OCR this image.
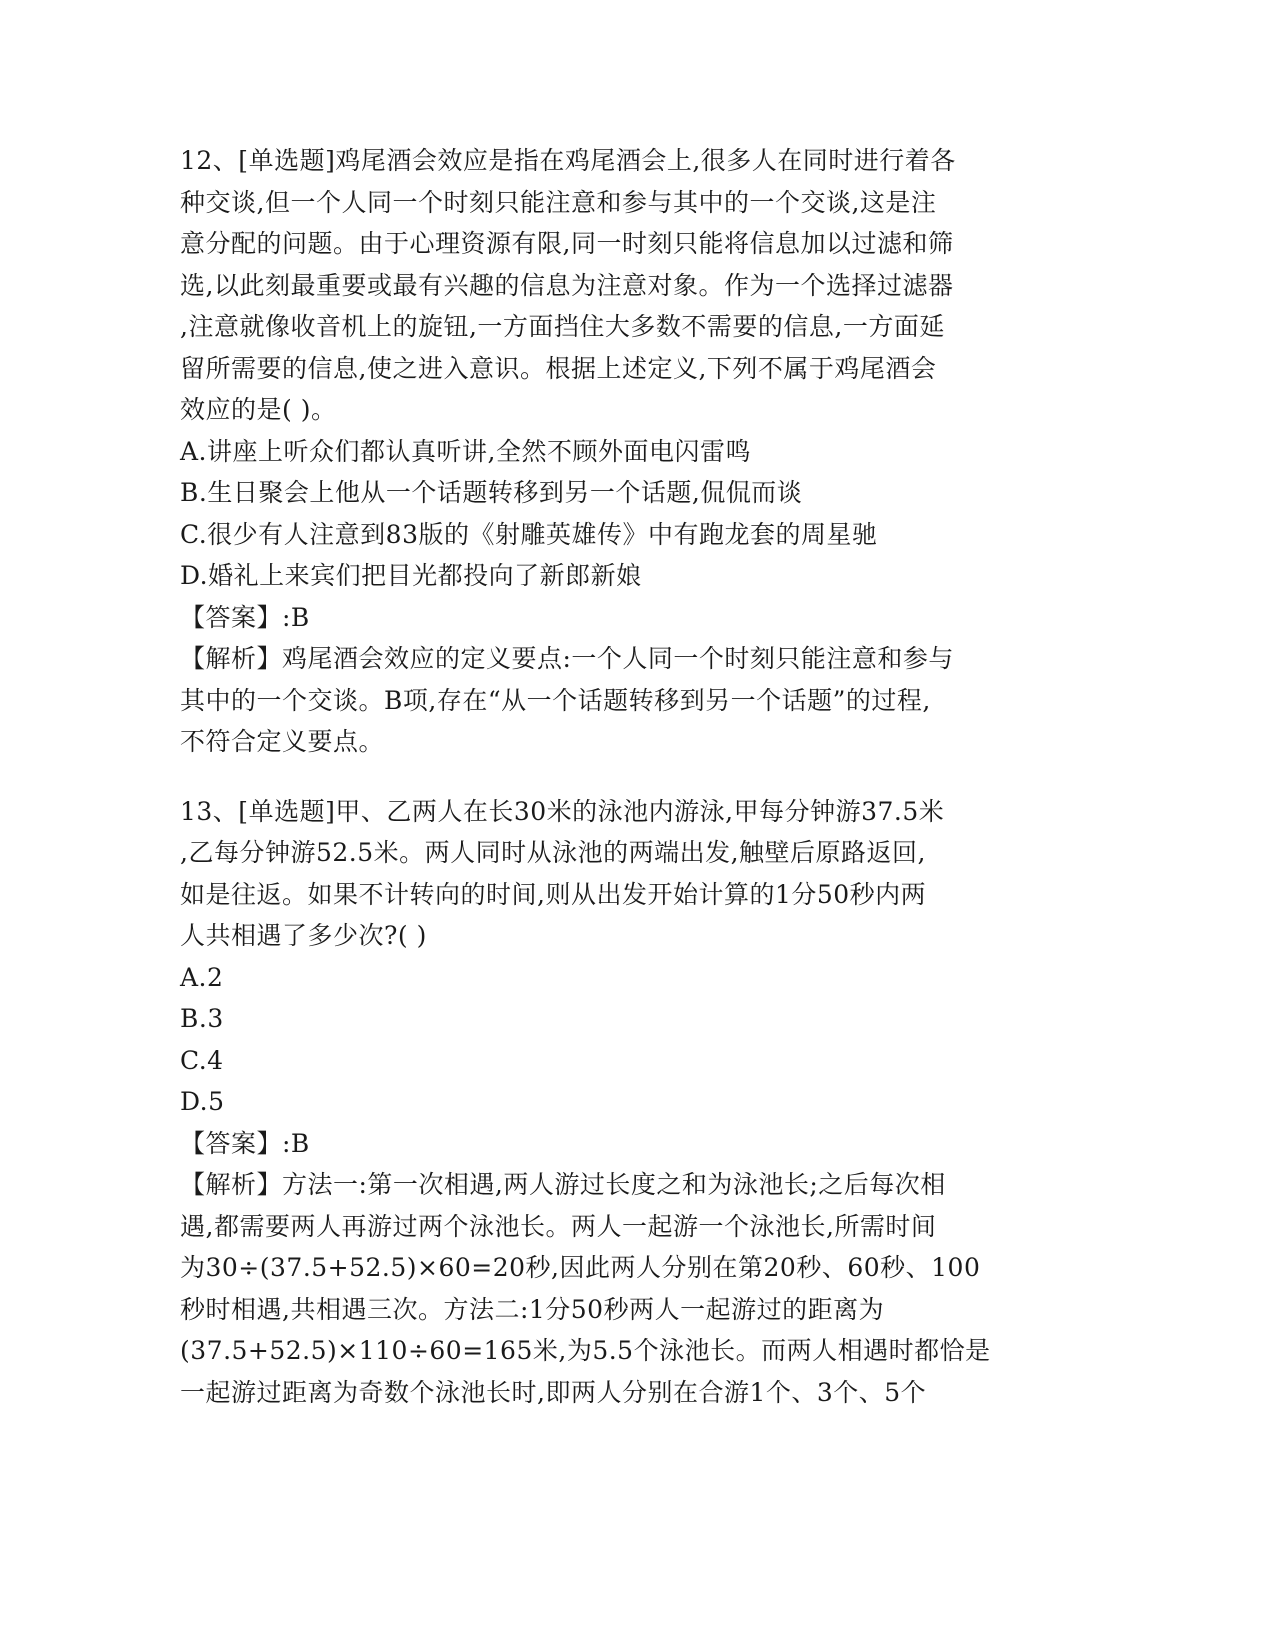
12、[单选题]鸡尾酒会效应是指在鸡尾酒会上,很多人在同时进行着各
种交谈,但一个人同一个时刻只能注意和参与其中的一个交谈,这是注
意分配的问题。由于心理资源有限,同一时刻只能将信息加以过滤和筛
选,以此刻最重要或最有兴趣的信息为注意对象。作为一个选择过滤器
,注意就像收音机上的旋钮,一方面挡住大多数不需要的信息,一方面延
留所需要的信息,使之进入意识。根据上述定义,下列不属于鸡尾酒会
效应的是( )。
A.讲座上听众们都认真听讲,全然不顾外面电闪雷鸣
B.生日聚会上他从一个话题转移到另一个话题,侃侃而谈
C.很少有人注意到83版的《射雕英雄传》中有跑龙套的周星驰
D.婚礼上来宾们把目光都投向了新郎新娘
【答案】:B
【解析】鸡尾酒会效应的定义要点:一个人同一个时刻只能注意和参与
其中的一个交谈。B项,存在“从一个话题转移到另一个话题”的过程,
不符合定义要点。
13、[单选题]甲、乙两人在长30米的泳池内游泳,甲每分钟游37.5米
,乙每分钟游52.5米。两人同时从泳池的两端出发,触壁后原路返回,
如是往返。如果不计转向的时间,则从出发开始计算的1分50秒内两
人共相遇了多少次?( )
A.2
B.3
C.4
D.5
【答案】:B
【解析】方法一:第一次相遇,两人游过长度之和为泳池长;之后每次相
遇,都需要两人再游过两个泳池长。两人一起游一个泳池长,所需时间
为30÷(37.5+52.5)×60=20秒,因此两人分别在第20秒、60秒、100
秒时相遇,共相遇三次。方法二:1分50秒两人一起游过的距离为
(37.5+52.5)×110÷60=165米,为5.5个泳池长。而两人相遇时都恰是
一起游过距离为奇数个泳池长时,即两人分别在合游1个、3个、5个
